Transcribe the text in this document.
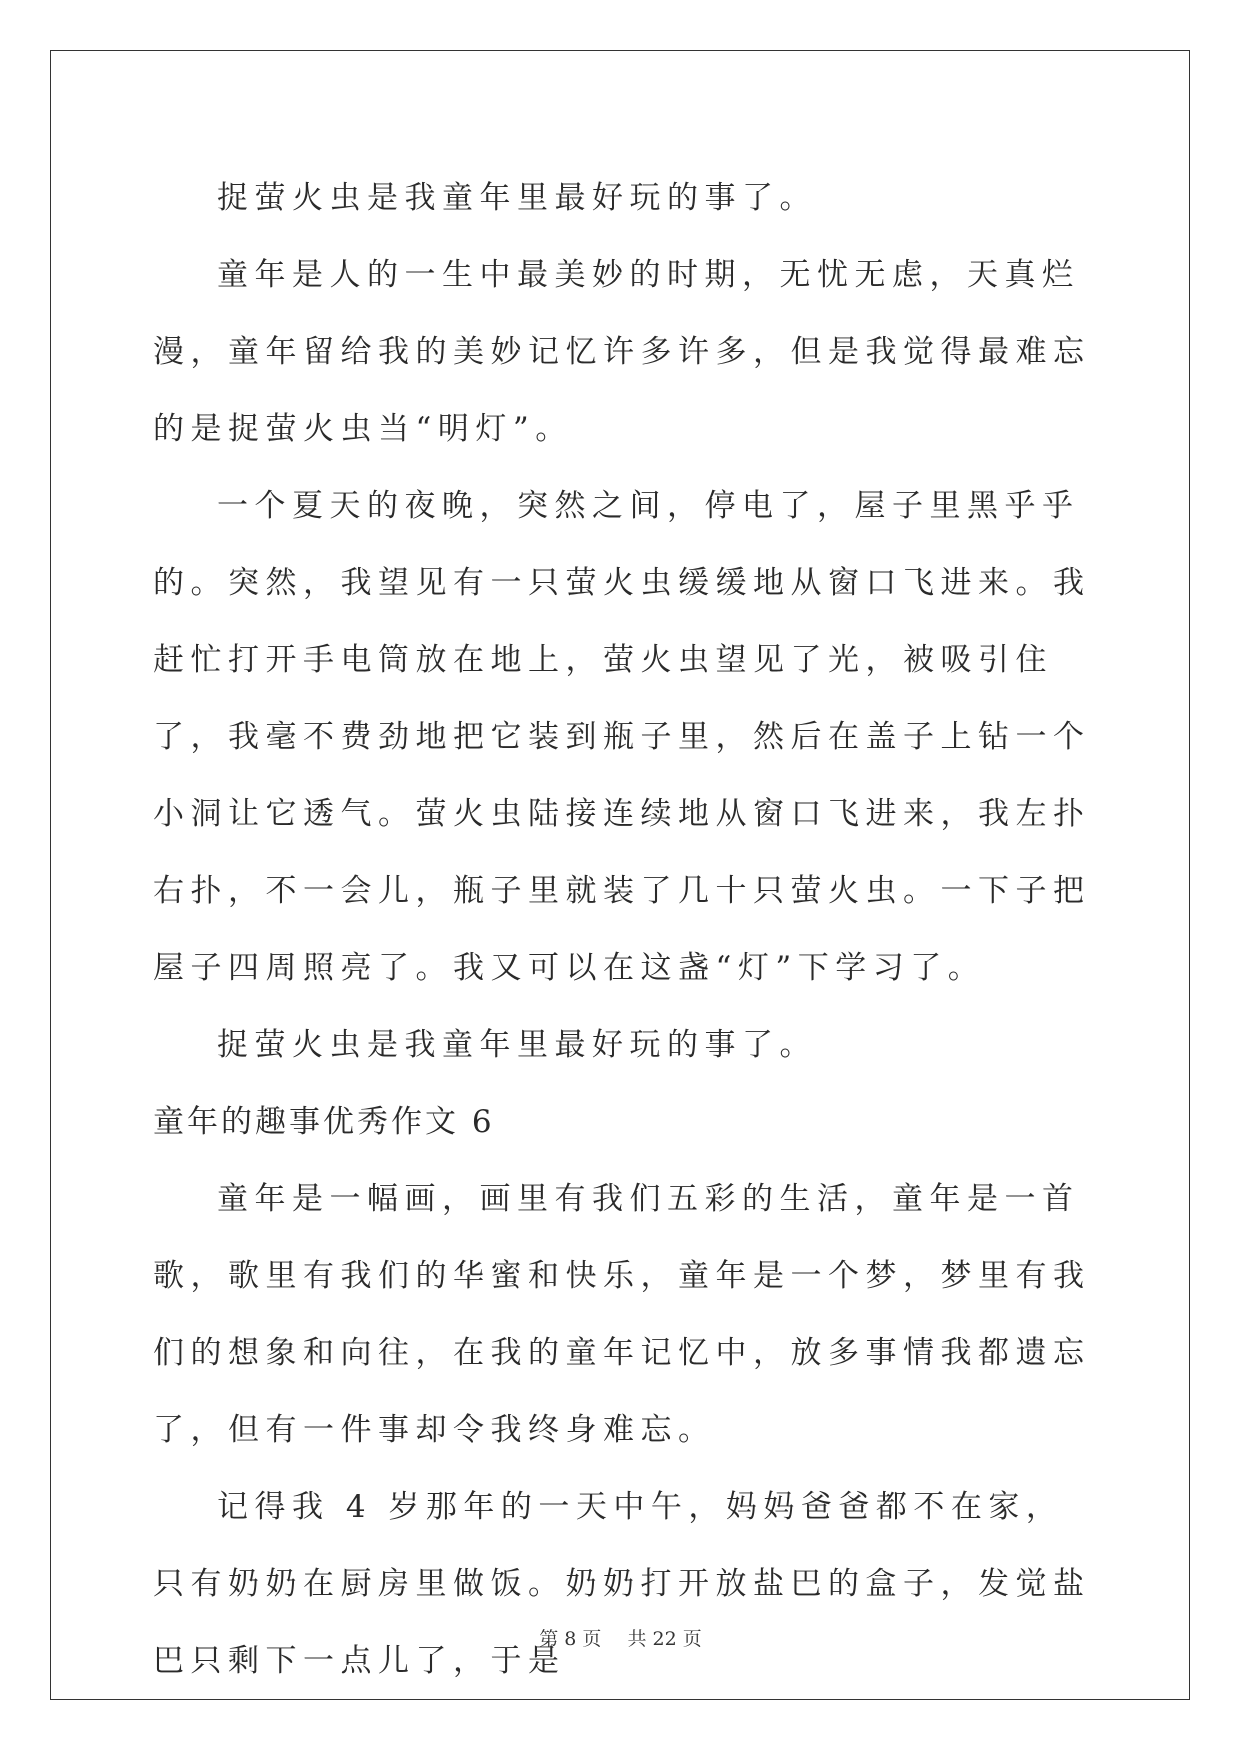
捉萤火虫是我童年里最好玩的事了。

童年是人的一生中最美妙的时期，无忧无虑，天真烂漫，童年留给我的美妙记忆许多许多，但是我觉得最难忘的是捉萤火虫当“明灯”。

一个夏天的夜晚，突然之间，停电了，屋子里黑乎乎的。突然，我望见有一只萤火虫缓缓地从窗口飞进来。我赶忙打开手电筒放在地上，萤火虫望见了光，被吸引住了，我毫不费劲地把它装到瓶子里，然后在盖子上钻一个小洞让它透气。萤火虫陆接连续地从窗口飞进来，我左扑右扑，不一会儿，瓶子里就装了几十只萤火虫。一下子把屋子四周照亮了。我又可以在这盏“灯”下学习了。

捉萤火虫是我童年里最好玩的事了。

童年的趣事优秀作文 6

童年是一幅画，画里有我们五彩的生活，童年是一首歌，歌里有我们的华蜜和快乐，童年是一个梦，梦里有我们的想象和向往，在我的童年记忆中，放多事情我都遗忘了，但有一件事却令我终身难忘。

记得我 4 岁那年的一天中午，妈妈爸爸都不在家，只有奶奶在厨房里做饭。奶奶打开放盐巴的盒子，发觉盐巴只剩下一点儿了，于是

第 8 页 共 22 页
